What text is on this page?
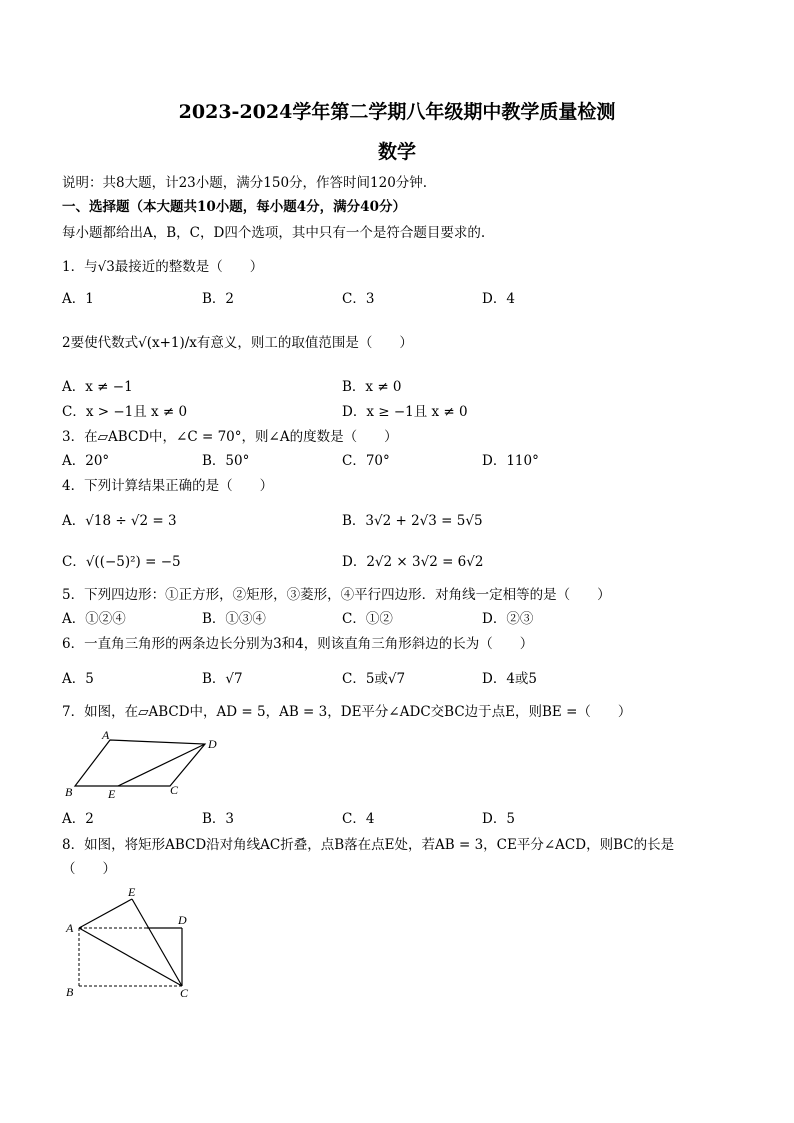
2023-2024学年第二学期八年级期中教学质量检测
数学
说明：共8大题，计23小题，满分150分，作答时间120分钟.
一、选择题（本大题共10小题，每小题4分，满分40分）
每小题都给出A，B，C，D四个选项，其中只有一个是符合题目要求的.
1．与√3最接近的整数是（　　）
A．1	B．2	C．3	D．4
2要使代数式√(x+1)/x有意义，则工的取值范围是（　　）
A．x ≠ −1	B．x ≠ 0
C．x > −1且 x ≠ 0	D．x ≥ −1且 x ≠ 0
3．在▱ABCD中，∠C = 70°，则∠A的度数是（　　）
A．20°	B．50°	C．70°	D．110°
4．下列计算结果正确的是（　　）
A．√18 ÷ √2 = 3	B．3√2 + 2√3 = 5√5
C．√((−5)²) = −5	D．2√2 × 3√2 = 6√2
5．下列四边形：①正方形，②矩形，③菱形，④平行四边形．对角线一定相等的是（　　）
A．①②④	B．①③④	C．①②	D．②③
6．一直角三角形的两条边长分别为3和4，则该直角三角形斜边的长为（　　）
A．5	B．√7	C．5或√7	D．4或5
7．如图，在▱ABCD中，AD = 5，AB = 3，DE平分∠ADC交BC边于点E，则BE =（　　）
A
D
B	E	C
A．2	B．3	C．4	D．5
8．如图，将矩形ABCD沿对角线AC折叠，点B落在点E处，若AB = 3，CE平分∠ACD，则BC的长是
（　　）
E
A
D
B	C
